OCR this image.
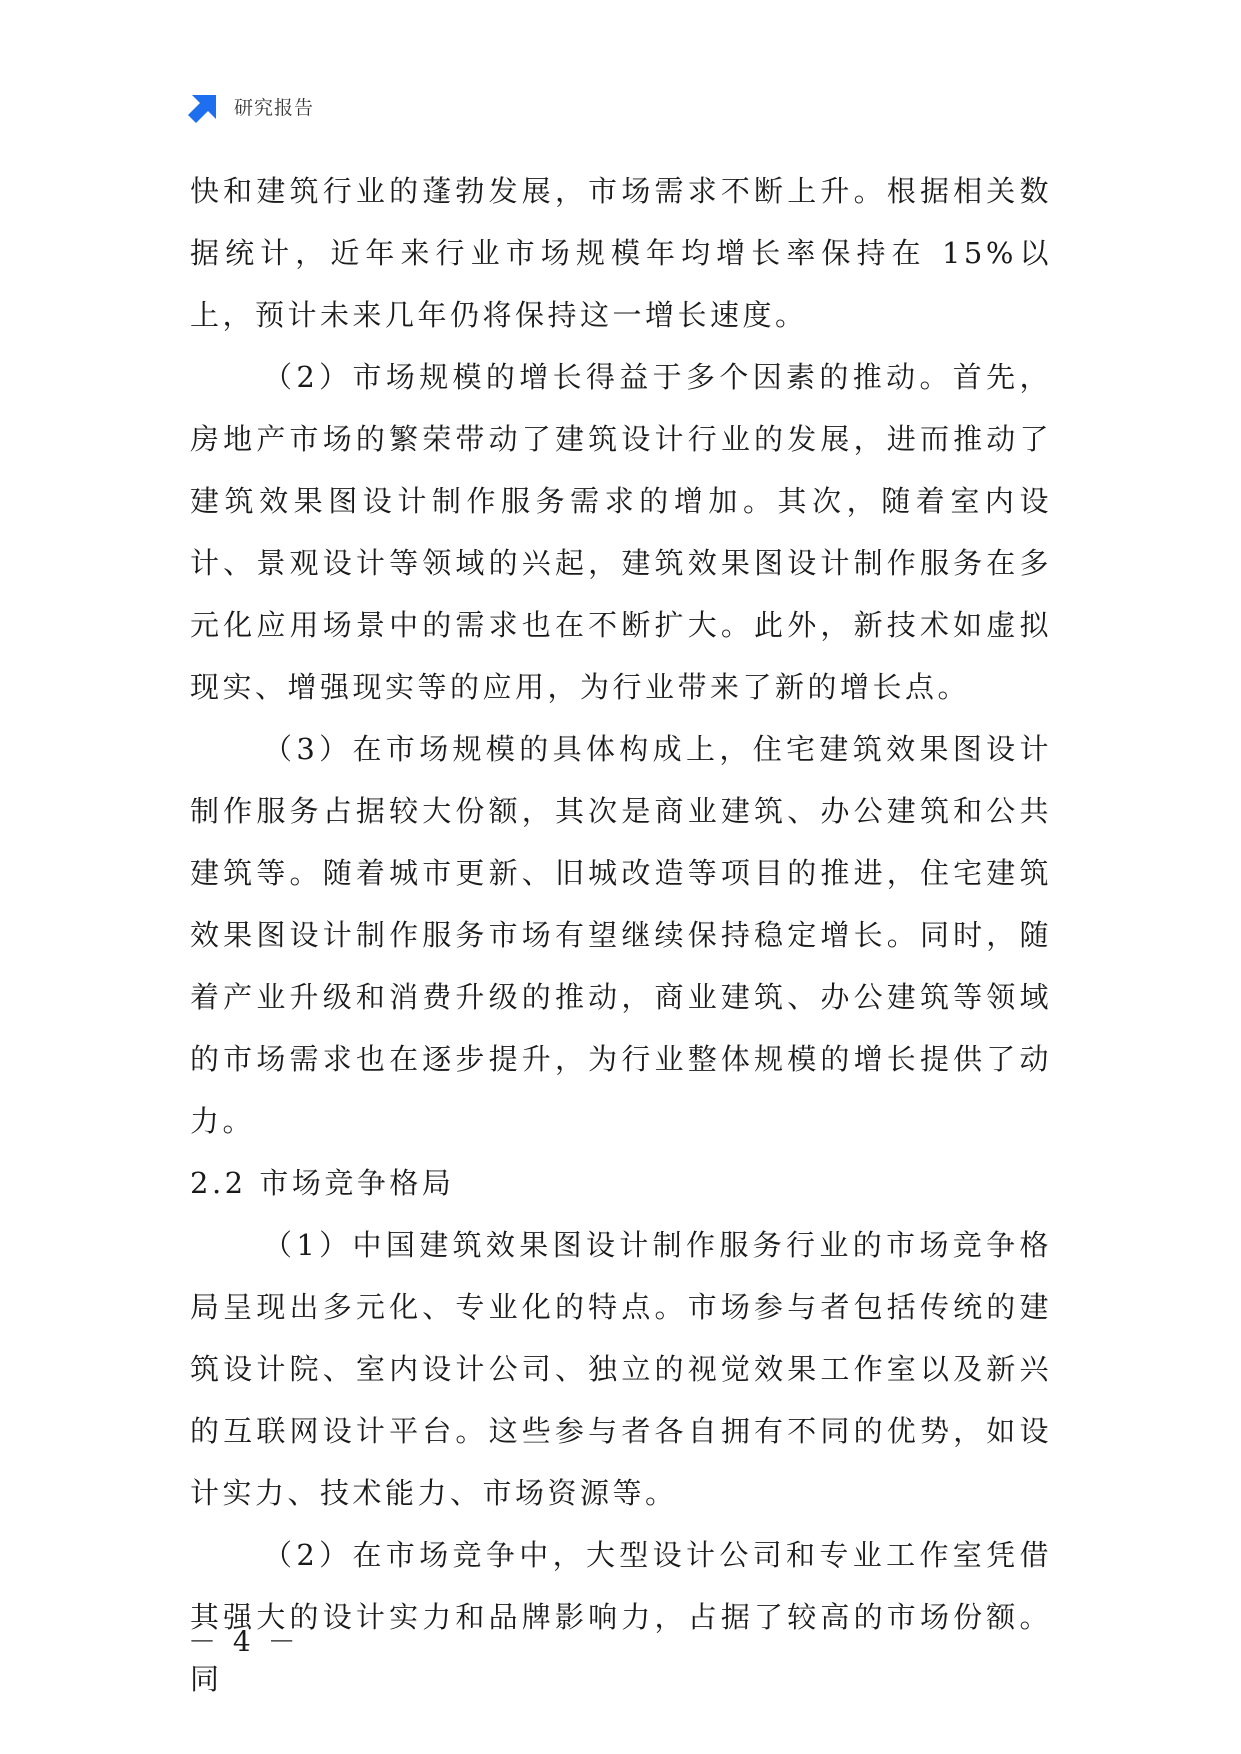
研究报告

快和建筑行业的蓬勃发展，市场需求不断上升。根据相关数据统计，近年来行业市场规模年均增长率保持在 15%以上，预计未来几年仍将保持这一增长速度。

（2）市场规模的增长得益于多个因素的推动。首先，房地产市场的繁荣带动了建筑设计行业的发展，进而推动了建筑效果图设计制作服务需求的增加。其次，随着室内设计、景观设计等领域的兴起，建筑效果图设计制作服务在多元化应用场景中的需求也在不断扩大。此外，新技术如虚拟现实、增强现实等的应用，为行业带来了新的增长点。

（3）在市场规模的具体构成上，住宅建筑效果图设计制作服务占据较大份额，其次是商业建筑、办公建筑和公共建筑等。随着城市更新、旧城改造等项目的推进，住宅建筑效果图设计制作服务市场有望继续保持稳定增长。同时，随着产业升级和消费升级的推动，商业建筑、办公建筑等领域的市场需求也在逐步提升，为行业整体规模的增长提供了动力。

2.2 市场竞争格局

（1）中国建筑效果图设计制作服务行业的市场竞争格局呈现出多元化、专业化的特点。市场参与者包括传统的建筑设计院、室内设计公司、独立的视觉效果工作室以及新兴的互联网设计平台。这些参与者各自拥有不同的优势，如设计实力、技术能力、市场资源等。

（2）在市场竞争中，大型设计公司和专业工作室凭借其强大的设计实力和品牌影响力，占据了较高的市场份额。同

－ 4 －
